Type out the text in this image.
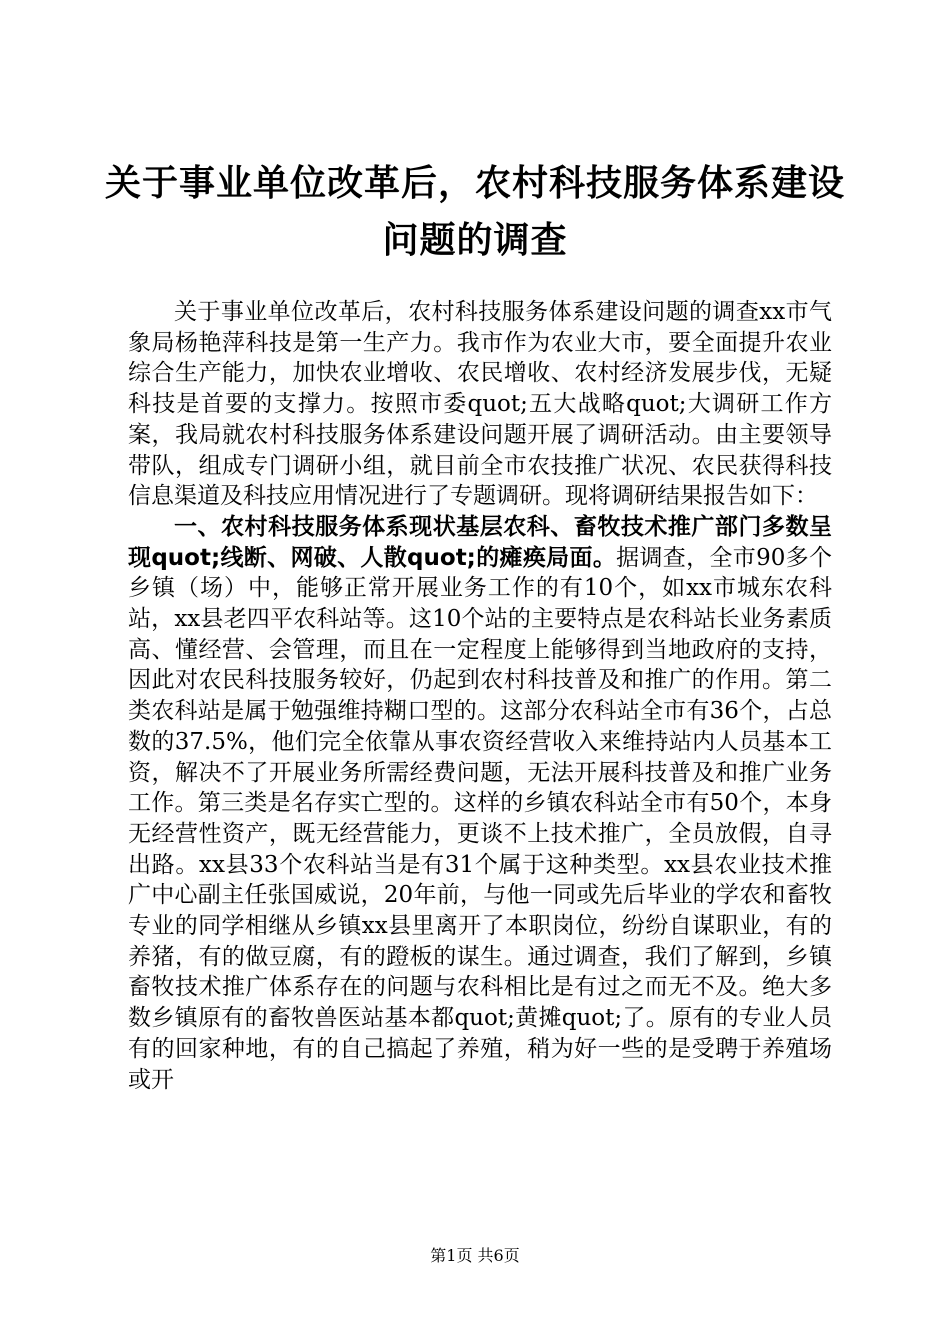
关于事业单位改革后，农村科技服务体系建设
问题的调查

关于事业单位改革后，农村科技服务体系建设问题的调查xx市气象局杨艳萍科技是第一生产力。我市作为农业大市，要全面提升农业综合生产能力，加快农业增收、农民增收、农村经济发展步伐，无疑科技是首要的支撑力。按照市委quot;五大战略quot;大调研工作方案，我局就农村科技服务体系建设问题开展了调研活动。由主要领导带队，组成专门调研小组，就目前全市农技推广状况、农民获得科技信息渠道及科技应用情况进行了专题调研。现将调研结果报告如下：

一、农村科技服务体系现状基层农科、畜牧技术推广部门多数呈现quot;线断、网破、人散quot;的瘫痪局面。据调查，全市90多个乡镇（场）中，能够正常开展业务工作的有10个，如xx市城东农科站，xx县老四平农科站等。这10个站的主要特点是农科站长业务素质高、懂经营、会管理，而且在一定程度上能够得到当地政府的支持，因此对农民科技服务较好，仍起到农村科技普及和推广的作用。第二类农科站是属于勉强维持糊口型的。这部分农科站全市有36个，占总数的37.5%，他们完全依靠从事农资经营收入来维持站内人员基本工资，解决不了开展业务所需经费问题，无法开展科技普及和推广业务工作。第三类是名存实亡型的。这样的乡镇农科站全市有50个，本身无经营性资产，既无经营能力，更谈不上技术推广，全员放假，自寻出路。xx县33个农科站当是有31个属于这种类型。xx县农业技术推广中心副主任张国威说，20年前，与他一同或先后毕业的学农和畜牧专业的同学相继从乡镇xx县里离开了本职岗位，纷纷自谋职业，有的养猪，有的做豆腐，有的蹬板的谋生。通过调查，我们了解到，乡镇畜牧技术推广体系存在的问题与农科相比是有过之而无不及。绝大多数乡镇原有的畜牧兽医站基本都quot;黄摊quot;了。原有的专业人员有的回家种地，有的自己搞起了养殖，稍为好一些的是受聘于养殖场或开

第1页 共6页
